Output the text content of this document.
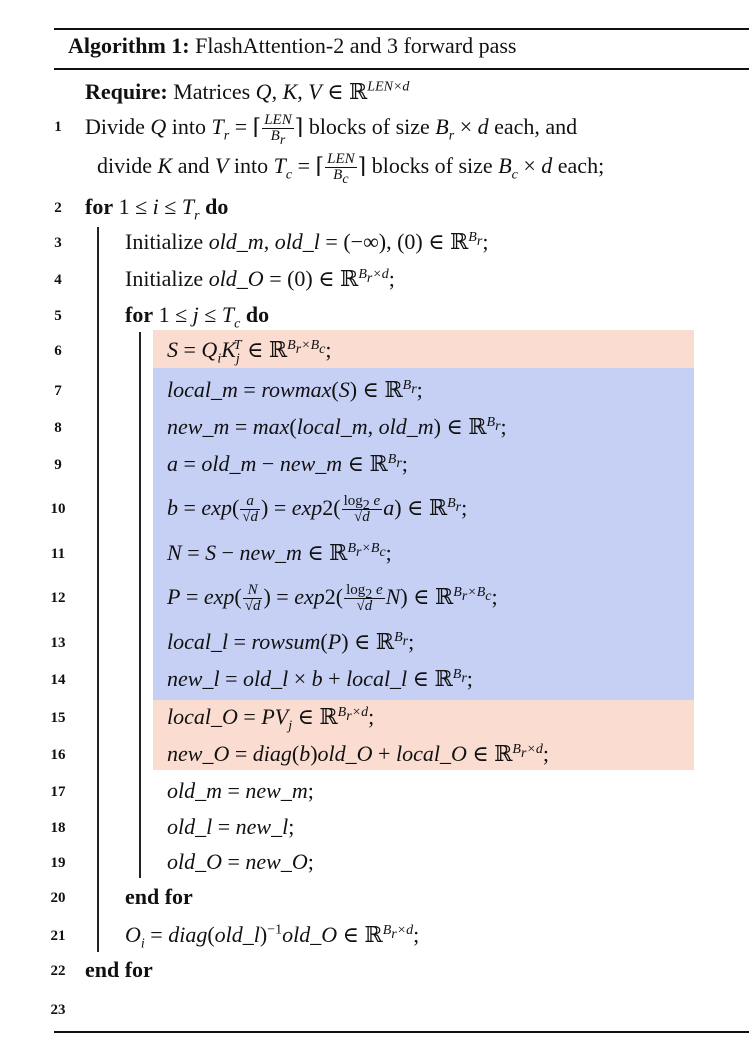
Algorithm 1: FlashAttention-2 and 3 forward pass
Require: Matrices Q, K, V ∈ ℝ$^{LEN\times d}$
1
2
3
4
5
6
7
8
9
10
11
12
13
14
15
16
17
18
19
20
21
22
23
Divide Q into $T_r$ = ⌈ $\frac{\text{LEN}}{B_r}$ ⌉ blocks of size $B_r \times d$ each, and
divide K and V into $T_c$ = ⌈ $\frac{\text{LEN}}{B_c}$ ⌉ blocks of size $B_c \times d$ each;
for $1 \le i \le T_r$ do
Initialize old_m, old_l = (−∞), (0) ∈ ℝ$^{B_r}$;
Initialize old_O = (0) ∈ ℝ$^{B_r\times d}$;
for $1 \le j \le T_c$ do
$S = Q_iK_j^T$ ∈ ℝ$^{B_r\times B_c}$;
local_m = rowmax(S) ∈ ℝ$^{B_r}$;
new_m = max(local_m, old_m) ∈ ℝ$^{B_r}$;
a = old_m − new_m ∈ ℝ$^{B_r}$;
$b = \exp( \frac{a}{√d}$ ) = $\exp 2( \frac{\log_2 e}{√d} a)$ ∈ ℝ$^{B_r}$;
N = S − new_m ∈ ℝ$^{B_r\times B_c}$;
$P = \exp( \frac{N}{√d}$ ) = $\exp 2( \frac{\log_2 e}{√d} N)$ ∈ ℝ$^{B_r\times B_c}$;
local_l = rowsum(P) ∈ ℝ$^{B_r}$;
new_l = old_l × b + local_l ∈ ℝ$^{B_r}$;
local_O = $PV_j$ ∈ ℝ$^{B_r\times d}$;
new_O = diag(b)old_O + local_O ∈ ℝ$^{B_r\times d}$;
old_m = new_m;
old_l = new_l;
old_O = new_O;
end for
$O_i$ = diag(old_l)$^{-1}$old_O ∈ ℝ$^{B_r\times d}$;
end for
